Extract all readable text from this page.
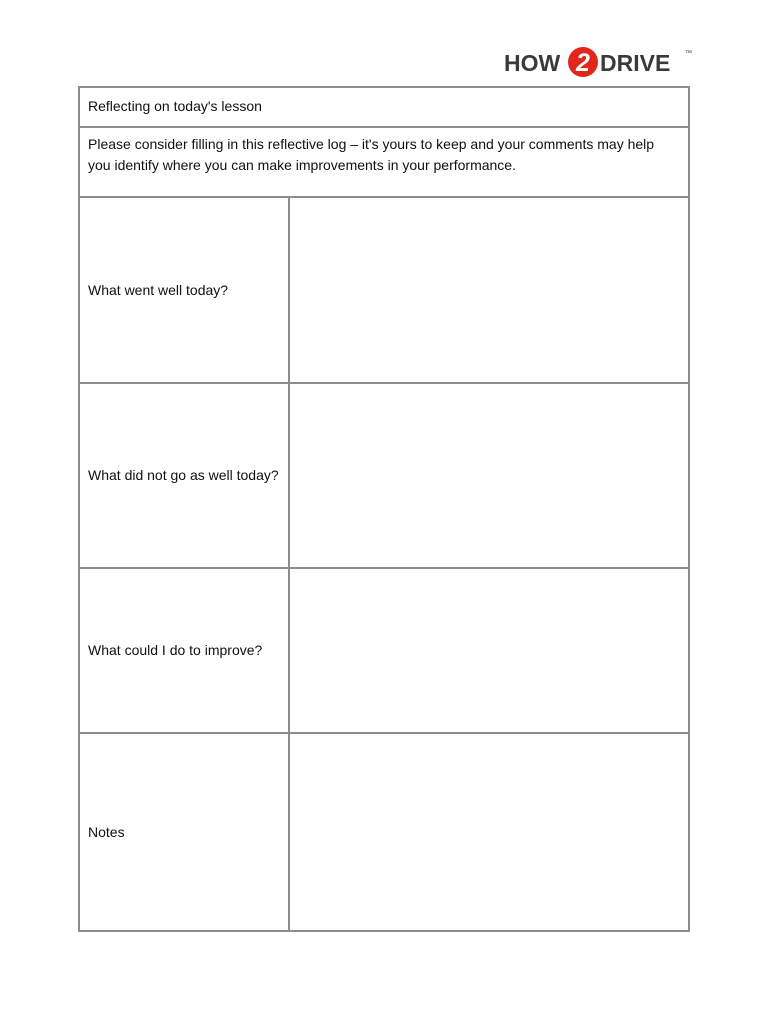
HOW 2 DRIVE ™
Reflecting on today's lesson
Please consider filling in this reflective log – it's yours to keep and your comments may help you identify where you can make improvements in your performance.
What went well today?
What did not go as well today?
What could I do to improve?
Notes
